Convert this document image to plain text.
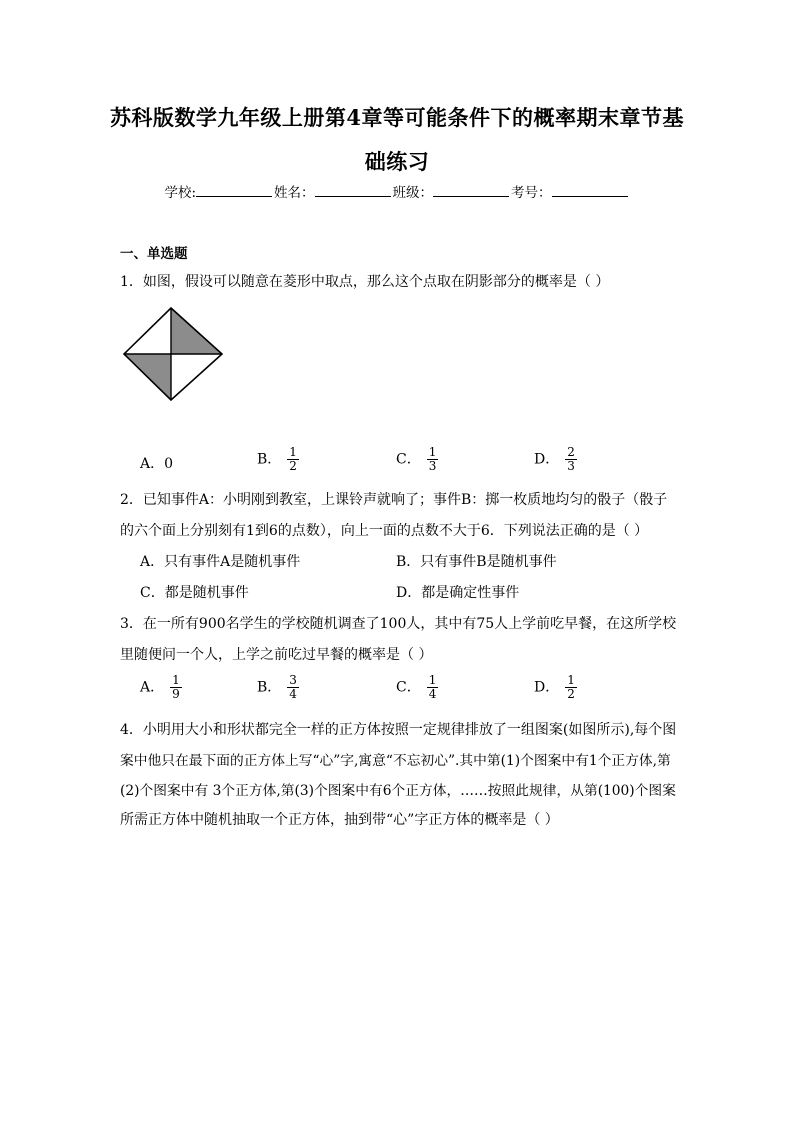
苏科版数学九年级上册第4章等可能条件下的概率期末章节基
础练习
学校:	姓名：	班级：	考号：
一、单选题
1．如图，假设可以随意在菱形中取点，那么这个点取在阴影部分的概率是（ ）
A．0	B． $\frac{1}{2}$	C． $\frac{1}{3}$	D． $\frac{2}{3}$
2．已知事件A：小明刚到教室，上课铃声就响了；事件B：掷一枚质地均匀的骰子（骰子
的六个面上分别刻有1到6的点数），向上一面的点数不大于6．下列说法正确的是（ ）
A．只有事件A是随机事件	B．只有事件B是随机事件
C．都是随机事件	D．都是确定性事件
3．在一所有900名学生的学校随机调查了100人，其中有75人上学前吃早餐，在这所学校
里随便问一个人，上学之前吃过早餐的概率是（ ）
A． $\frac{1}{9}$	B． $\frac{3}{4}$	C． $\frac{1}{4}$	D． $\frac{1}{2}$
4．小明用大小和形状都完全一样的正方体按照一定规律排放了一组图案(如图所示),每个图
案中他只在最下面的正方体上写“心”字,寓意“不忘初心”.其中第(1)个图案中有1个正方体,第
(2)个图案中有 3个正方体,第(3)个图案中有6个正方体，……按照此规律，从第(100)个图案
所需正方体中随机抽取一个正方体，抽到带“心”字正方体的概率是（ ）
